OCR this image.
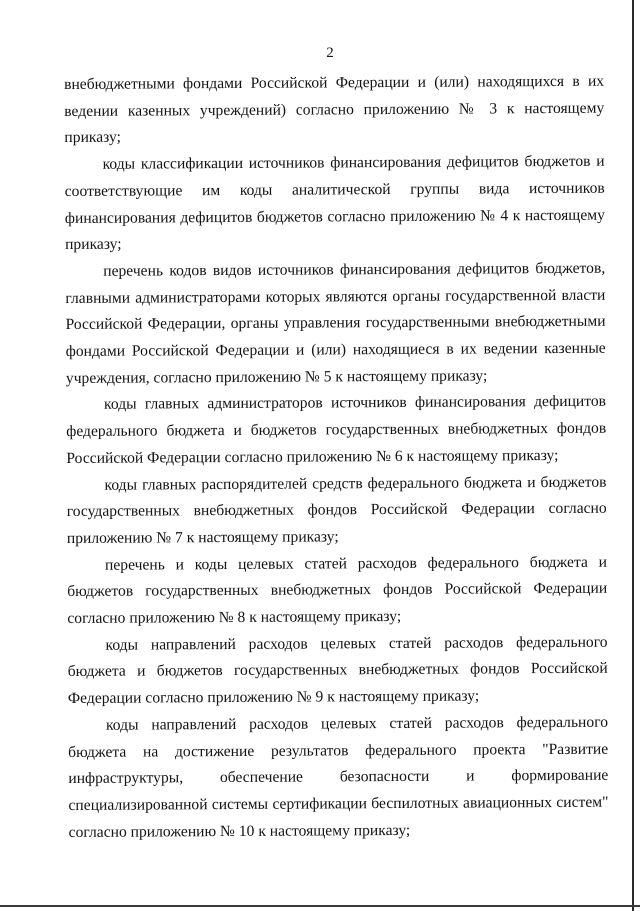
2

внебюджетными фондами Российской Федерации и (или) находящихся в их ведении казенных учреждений) согласно приложению № 3 к настоящему приказу;

коды классификации источников финансирования дефицитов бюджетов и соответствующие им коды аналитической группы вида источников финансирования дефицитов бюджетов согласно приложению № 4 к настоящему приказу;

перечень кодов видов источников финансирования дефицитов бюджетов, главными администраторами которых являются органы государственной власти Российской Федерации, органы управления государственными внебюджетными фондами Российской Федерации и (или) находящиеся в их ведении казенные учреждения, согласно приложению № 5 к настоящему приказу;

коды главных администраторов источников финансирования дефицитов федерального бюджета и бюджетов государственных внебюджетных фондов Российской Федерации согласно приложению № 6 к настоящему приказу;

коды главных распорядителей средств федерального бюджета и бюджетов государственных внебюджетных фондов Российской Федерации согласно приложению № 7 к настоящему приказу;

перечень и коды целевых статей расходов федерального бюджета и бюджетов государственных внебюджетных фондов Российской Федерации согласно приложению № 8 к настоящему приказу;

коды направлений расходов целевых статей расходов федерального бюджета и бюджетов государственных внебюджетных фондов Российской Федерации согласно приложению № 9 к настоящему приказу;

коды направлений расходов целевых статей расходов федерального бюджета на достижение результатов федерального проекта "Развитие инфраструктуры, обеспечение безопасности и формирование специализированной системы сертификации беспилотных авиационных систем" согласно приложению № 10 к настоящему приказу;
